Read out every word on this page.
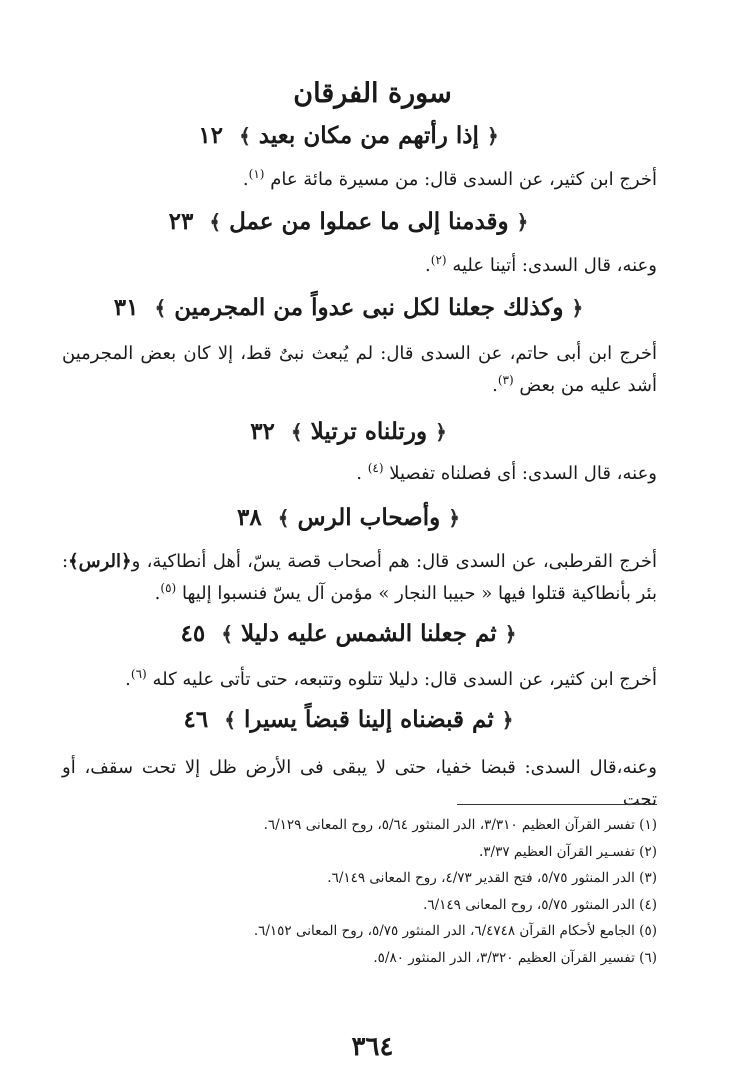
سورة الفرقان
﴿ إذا رأتهم من مكان بعيد ﴾ ١٢

أخرج ابن كثير، عن السدى قال: من مسيرة مائة عام $^{(١)}$.

﴿ وقدمنا إلى ما عملوا من عمل ﴾ ٢٣

وعنه، قال السدى: أتينا عليه $^{(٢)}$.

﴿ وكذلك جعلنا لكل نبى عدواً من المجرمين ﴾ ٣١

أخرج ابن أبى حاتم، عن السدى قال: لم يُبعث نبىٌ قط، إلا كان بعض المجرمين أشد عليه من بعض $^{(٣)}$.

﴿ ورتلناه ترتيلا ﴾ ٣٢

وعنه، قال السدى: أى فصلناه تفصيلا $^{(٤)}$ .

﴿ وأصحاب الرس ﴾ ٣٨

أخرج القرطبى، عن السدى قال: هم أصحاب قصة يسّ، أهل أنطاكية، و﴿الرس﴾: بئر بأنطاكية قتلوا فيها « حبيبا النجار » مؤمن آل يسّ فنسبوا إليها $^{(٥)}$.

﴿ ثم جعلنا الشمس عليه دليلا ﴾ ٤٥

أخرج ابن كثير، عن السدى قال: دليلا تتلوه وتتبعه، حتى تأتى عليه كله $^{(٦)}$.

﴿ ثم قبضناه إلينا قبضاً يسيرا ﴾ ٤٦

وعنه،قال السدى: قبضا خفيا، حتى لا يبقى فى الأرض ظل إلا تحت سقف، أو تحت

(١) تفسر القرآن العظيم ٣/٣١٠، الدر المنثور ٥/٦٤، روح المعانى ٦/١٢٩.
(٢) تفسـير القرآن العظيم ٣/٣٧.
(٣) الدر المنثور ٥/٧٥، فتح القدير ٤/٧٣، روح المعانى ٦/١٤٩.
(٤) الدر المنثور ٥/٧٥، روح المعانى ٦/١٤٩.
(٥) الجامع لأحكام القرآن ٦/٤٧٤٨، الدر المنثور ٥/٧٥، روح المعانى ٦/١٥٢.
(٦) تفسير القرآن العظيم ٣/٣٢٠، الدر المنثور ٥/٨٠.
٣٦٤
